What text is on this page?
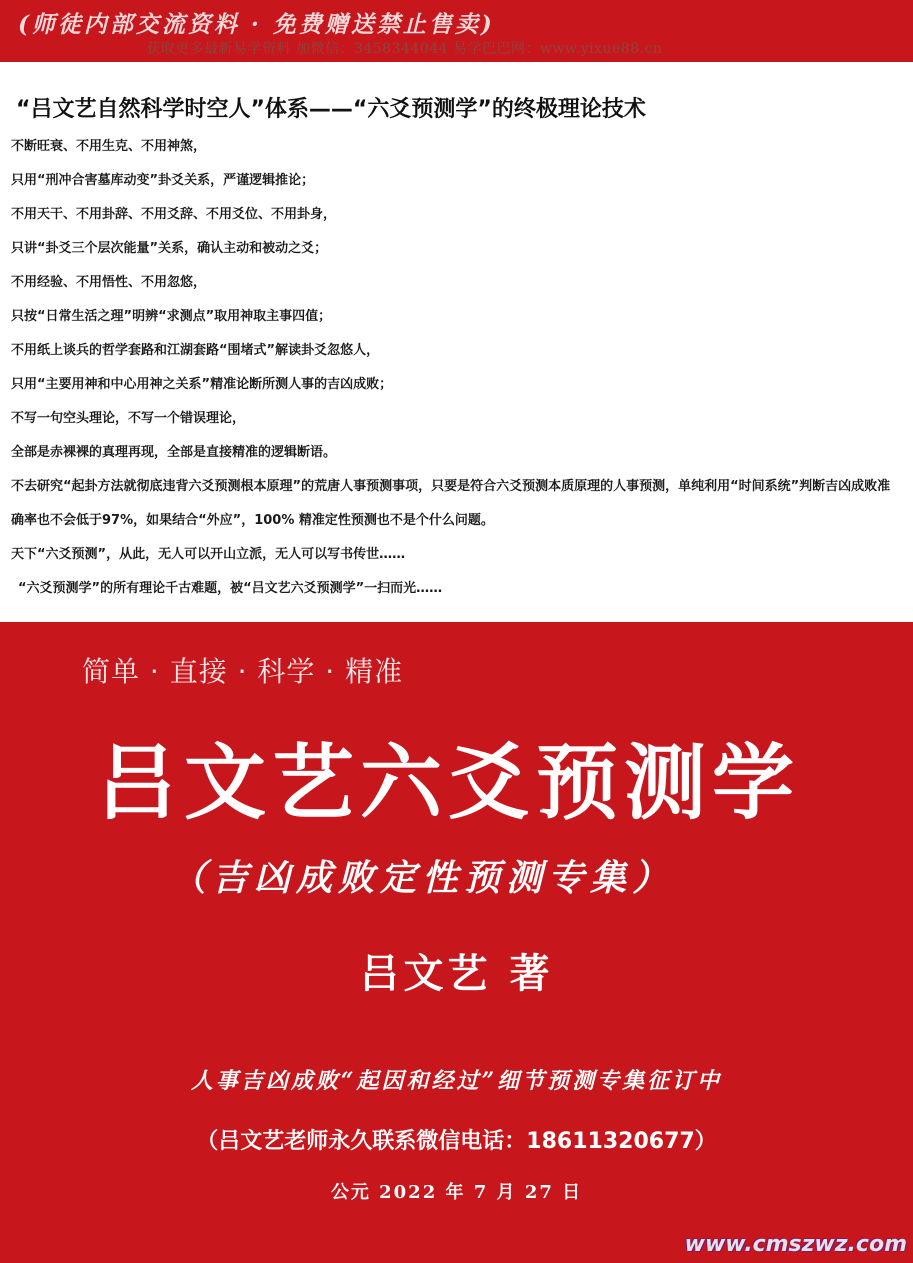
(师徒内部交流资料 · 免费赠送禁止售卖)
获取更多最新易学资料 加微信：3458344044 易学巴巴网：www.yixue88.cn
“吕文艺自然科学时空人”体系——“六爻预测学”的终极理论技术
不断旺衰、不用生克、不用神煞，
只用“刑冲合害墓库动变”卦爻关系，严谨逻辑推论；
不用天干、不用卦辞、不用爻辞、不用爻位、不用卦身，
只讲“卦爻三个层次能量”关系，确认主动和被动之爻；
不用经验、不用悟性、不用忽悠，
只按“日常生活之理”明辨“求测点”取用神取主事四值；
不用纸上谈兵的哲学套路和江湖套路“围堵式”解读卦爻忽悠人，
只用“主要用神和中心用神之关系”精准论断所测人事的吉凶成败；
不写一句空头理论，不写一个错误理论，
全部是赤裸裸的真理再现，全部是直接精准的逻辑断语。
不去研究“起卦方法就彻底违背六爻预测根本原理”的荒唐人事预测事项，只要是符合六爻预测本质原理的人事预测，单纯利用“时间系统”判断吉凶成败准确率也不会低于97%，如果结合“外应”，100% 精准定性预测也不是个什么问题。
天下“六爻预测”，从此，无人可以开山立派，无人可以写书传世……
“六爻预测学”的所有理论千古难题，被“吕文艺六爻预测学”一扫而光……
简单 · 直接 · 科学 · 精准
吕文艺六爻预测学
（吉凶成败定性预测专集）
吕文艺 著
人事吉凶成败“起因和经过”细节预测专集征订中
（吕文艺老师永久联系微信电话：18611320677）
公元 2022 年 7 月 27 日
www.cmszwz.com
